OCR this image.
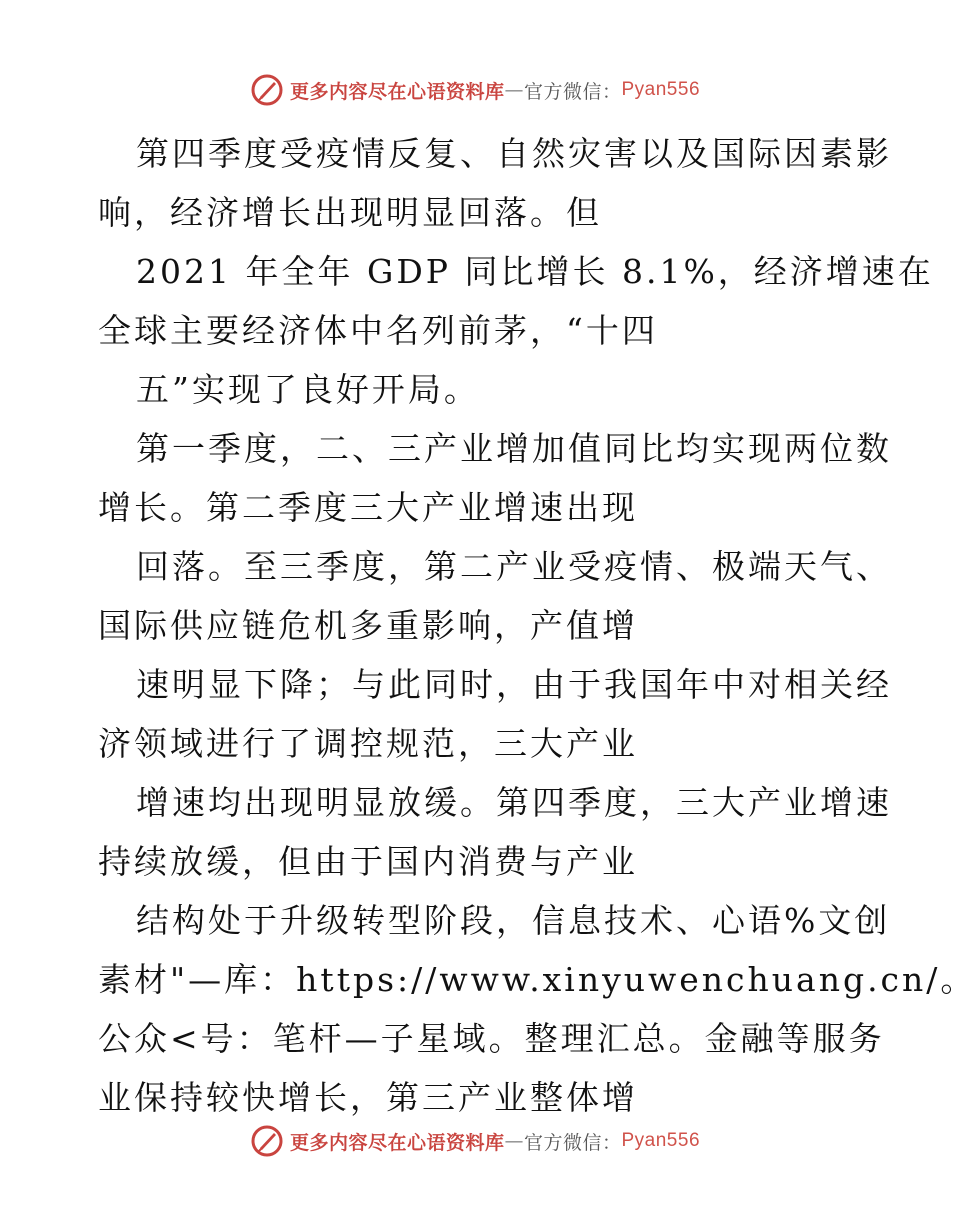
更多内容尽在心语资料库 — 官方微信： Pyan556
第四季度受疫情反复、自然灾害以及国际因素影
响，经济增长出现明显回落。但
2021 年全年 GDP 同比增长 8.1%，经济增速在
全球主要经济体中名列前茅，“十四
五”实现了良好开局。
第一季度，二、三产业增加值同比均实现两位数
增长。第二季度三大产业增速出现
回落。至三季度，第二产业受疫情、极端天气、
国际供应链危机多重影响，产值增
速明显下降；与此同时，由于我国年中对相关经
济领域进行了调控规范，三大产业
增速均出现明显放缓。第四季度，三大产业增速
持续放缓，但由于国内消费与产业
结构处于升级转型阶段，信息技术、心语%文创
素材"—库：https://www.xinyuwenchuang.cn/。
公众<号：笔杆—子星域。整理汇总。金融等服务
业保持较快增长，第三产业整体增
更多内容尽在心语资料库 — 官方微信： Pyan556
